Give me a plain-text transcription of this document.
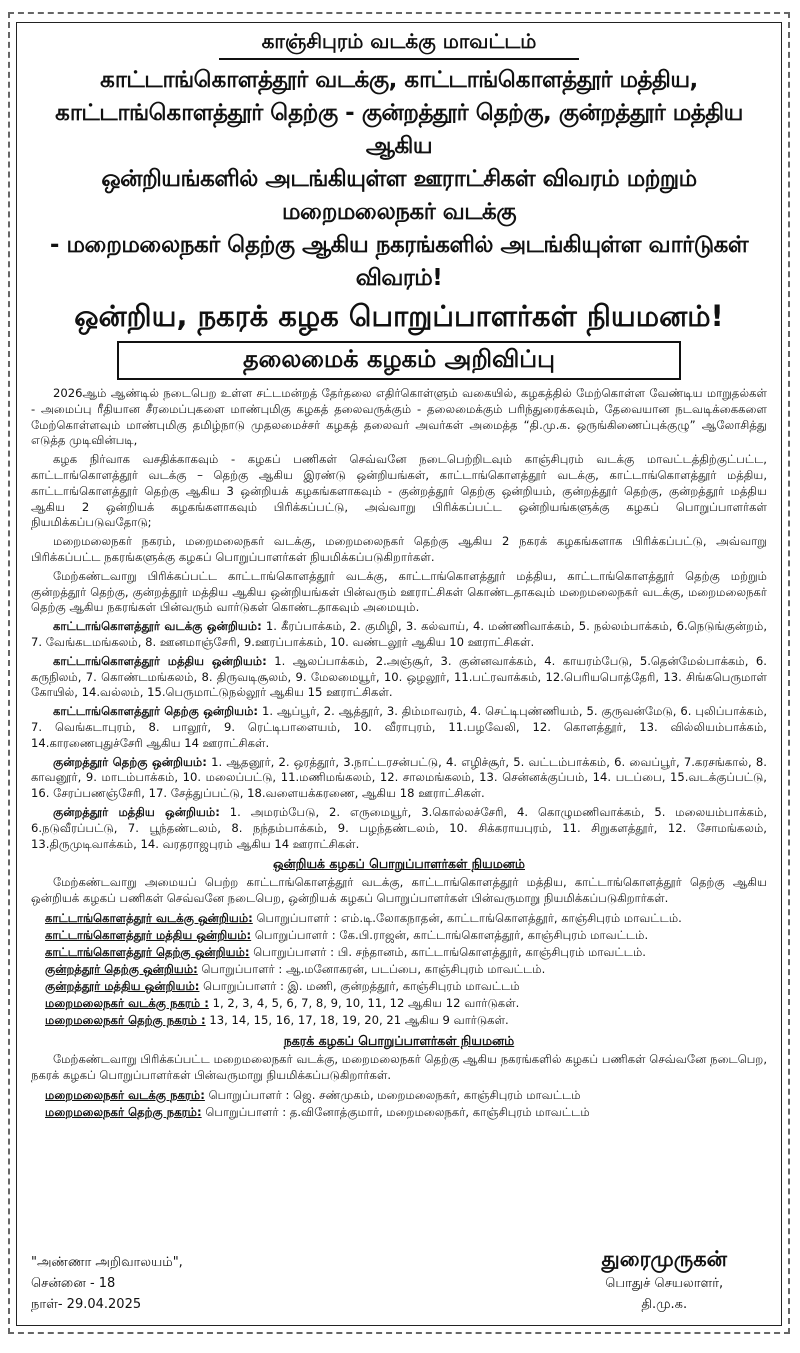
காஞ்சிபுரம் வடக்கு மாவட்டம்

காட்டாங்கொளத்தூர் வடக்கு, காட்டாங்கொளத்தூர் மத்திய,

காட்டாங்கொளத்தூர் தெற்கு - குன்றத்தூர் தெற்கு, குன்றத்தூர் மத்திய ஆகிய

ஒன்றியங்களில் அடங்கியுள்ள ஊராட்சிகள் விவரம் மற்றும் மறைமலைநகர் வடக்கு

- மறைமலைநகர் தெற்கு ஆகிய நகரங்களில் அடங்கியுள்ள வார்டுகள் விவரம்!

ஒன்றிய, நகரக் கழக பொறுப்பாளர்கள் நியமனம்!

தலைமைக் கழகம் அறிவிப்பு

2026ஆம் ஆண்டில் நடைபெற உள்ள சட்டமன்றத் தேர்தலை எதிர்கொள்ளும் வகையில், கழகத்தில் மேற்கொள்ள வேண்டிய மாறுதல்கள் - அமைப்பு ரீதியான சீரமைப்புகளை மாண்புமிகு கழகத் தலைவருக்கும் - தலைமைக்கும் பரிந்துரைக்கவும், தேவையான நடவடிக்கைகளை மேற்கொள்ளவும் மாண்புமிகு தமிழ்நாடு முதலமைச்சர் கழகத் தலைவர் அவர்கள் அமைத்த “தி.மு.க. ஒருங்கிணைப்புக்குழு” ஆலோசித்து எடுத்த முடிவின்படி,

கழக நிர்வாக வசதிக்காகவும் - கழகப் பணிகள் செவ்வனே நடைபெற்றிடவும் காஞ்சிபுரம் வடக்கு மாவட்டத்திற்குட்பட்ட, காட்டாங்கொளத்தூர் வடக்கு – தெற்கு ஆகிய இரண்டு ஒன்றியங்கள், காட்டாங்கொளத்தூர் வடக்கு, காட்டாங்கொளத்தூர் மத்திய, காட்டாங்கொளத்தூர் தெற்கு ஆகிய 3 ஒன்றியக் கழகங்களாகவும் - குன்றத்தூர் தெற்கு ஒன்றியம், குன்றத்தூர் தெற்கு, குன்றத்தூர் மத்திய ஆகிய 2 ஒன்றியக் கழகங்களாகவும் பிரிக்கப்பட்டு, அவ்வாறு பிரிக்கப்பட்ட ஒன்றியங்களுக்கு கழகப் பொறுப்பாளர்கள் நியமிக்கப்படுவதோடு;

மறைமலைநகர் நகரம், மறைமலைநகர் வடக்கு, மறைமலைநகர் தெற்கு ஆகிய 2 நகரக் கழகங்களாக பிரிக்கப்பட்டு, அவ்வாறு பிரிக்கப்பட்ட நகரங்களுக்கு கழகப் பொறுப்பாளர்கள் நியமிக்கப்படுகிறார்கள்.

மேற்கண்டவாறு பிரிக்கப்பட்ட காட்டாங்கொளத்தூர் வடக்கு, காட்டாங்கொளத்தூர் மத்திய, காட்டாங்கொளத்தூர் தெற்கு மற்றும் குன்றத்தூர் தெற்கு, குன்றத்தூர் மத்திய ஆகிய ஒன்றியங்கள் பின்வரும் ஊராட்சிகள் கொண்டதாகவும் மறைமலைநகர் வடக்கு, மறைமலைநகர் தெற்கு ஆகிய நகரங்கள் பின்வரும் வார்டுகள் கொண்டதாகவும் அமையும்.

காட்டாங்கொளத்தூர் வடக்கு ஒன்றியம்: 1. கீரப்பாக்கம், 2. குமிழி, 3. கல்வாய், 4. மண்ணிவாக்கம், 5. நல்லம்பாக்கம், 6.நெடுங்குன்றம், 7. வேங்கடமங்கலம், 8. ஊனமாஞ்சேரி, 9.ஊரப்பாக்கம், 10. வண்டலூர் ஆகிய 10 ஊராட்சிகள்.

காட்டாங்கொளத்தூர் மத்திய ஒன்றியம்: 1. ஆலப்பாக்கம், 2.அஞ்சூர், 3. குன்னவாக்கம், 4. காயரம்பேடு, 5.தென்மேல்பாக்கம், 6. கருநிலம், 7. கொண்டமங்கலம், 8. திருவடிசூலம், 9. மேலமையூர், 10. ஒழலூர், 11.பட்ரவாக்கம், 12.பெரியபொத்தேரி, 13. சிங்கபெருமாள் கோயில், 14.வல்லம், 15.பெருமாட்டுநல்லூர் ஆகிய 15 ஊராட்சிகள்.

காட்டாங்கொளத்தூர் தெற்கு ஒன்றியம்: 1. ஆப்பூர், 2. ஆத்தூர், 3. திம்மாவரம், 4. செட்டிபுண்ணியம், 5. குருவன்மேடு, 6. புலிப்பாக்கம், 7. வெங்கடாபுரம், 8. பாலூர், 9. ரெட்டிபாளையம், 10. வீராபுரம், 11.பழவேலி, 12. கொளத்தூர், 13. வில்லியம்பாக்கம், 14.காரணைபுதுச்சேரி ஆகிய 14 ஊராட்சிகள்.

குன்றத்தூர் தெற்கு ஒன்றியம்: 1. ஆதனூர், 2. ஒரத்தூர், 3.நாட்டரசன்பட்டு, 4. எழிச்சூர், 5. வட்டம்பாக்கம், 6. வைப்பூர், 7.கரசங்கால், 8. காவனூர், 9. மாடம்பாக்கம், 10. மலைப்பட்டு, 11.மணிமங்கலம், 12. சாலமங்கலம், 13. சென்னக்குப்பம், 14. படப்பை, 15.வடக்குப்பட்டு, 16. சேரப்பணஞ்சேரி, 17. சேத்துப்பட்டு, 18.வளையக்கரணை, ஆகிய 18 ஊராட்சிகள்.

குன்றத்தூர் மத்திய ஒன்றியம்: 1. அமரம்பேடு, 2. எருமையூர், 3.கொல்லச்சேரி, 4. கொழுமணிவாக்கம், 5. மலையம்பாக்கம், 6.நடுவீரப்பட்டு, 7. பூந்தண்டலம், 8. நந்தம்பாக்கம், 9. பழந்தண்டலம், 10. சிக்கராயபுரம், 11. சிறுகளத்தூர், 12. சோமங்கலம், 13.திருமுடிவாக்கம், 14. வரதராஜபுரம் ஆகிய 14 ஊராட்சிகள்.

ஒன்றியக் கழகப் பொறுப்பாளர்கள் நியமனம்

மேற்கண்டவாறு அமையப் பெற்ற காட்டாங்கொளத்தூர் வடக்கு, காட்டாங்கொளத்தூர் மத்திய, காட்டாங்கொளத்தூர் தெற்கு ஆகிய ஒன்றியக் கழகப் பணிகள் செவ்வனே நடைபெற, ஒன்றியக் கழகப் பொறுப்பாளர்கள் பின்வருமாறு நியமிக்கப்படுகிறார்கள்.

காட்டாங்கொளத்தூர் வடக்கு ஒன்றியம்: பொறுப்பாளர் : எம்.டி.லோகநாதன், காட்டாங்கொளத்தூர், காஞ்சிபுரம் மாவட்டம்.

காட்டாங்கொளத்தூர் மத்திய ஒன்றியம்: பொறுப்பாளர் : கே.பி.ராஜன், காட்டாங்கொளத்தூர், காஞ்சிபுரம் மாவட்டம்.

காட்டாங்கொளத்தூர் தெற்கு ஒன்றியம்: பொறுப்பாளர் : பி. சந்தானம், காட்டாங்கொளத்தூர், காஞ்சிபுரம் மாவட்டம்.

குன்றத்தூர் தெற்கு ஒன்றியம்: பொறுப்பாளர் : ஆ.மனோகரன், படப்பை, காஞ்சிபுரம் மாவட்டம்.

குன்றத்தூர் மத்திய ஒன்றியம்: பொறுப்பாளர் : இ. மணி, குன்றத்தூர், காஞ்சிபுரம் மாவட்டம்

மறைமலைநகர் வடக்கு நகரம் : 1, 2, 3, 4, 5, 6, 7, 8, 9, 10, 11, 12 ஆகிய 12 வார்டுகள்.

மறைமலைநகர் தெற்கு நகரம் : 13, 14, 15, 16, 17, 18, 19, 20, 21 ஆகிய 9 வார்டுகள்.

நகரக் கழகப் பொறுப்பாளர்கள் நியமனம்

மேற்கண்டவாறு பிரிக்கப்பட்ட மறைமலைநகர் வடக்கு, மறைமலைநகர் தெற்கு ஆகிய நகரங்களில் கழகப் பணிகள் செவ்வனே நடைபெற, நகரக் கழகப் பொறுப்பாளர்கள் பின்வருமாறு நியமிக்கப்படுகிறார்கள்.

மறைமலைநகர் வடக்கு நகரம்: பொறுப்பாளர் : ஜெ. சண்முகம், மறைமலைநகர், காஞ்சிபுரம் மாவட்டம்

மறைமலைநகர் தெற்கு நகரம்: பொறுப்பாளர் : த.வினோத்குமார், மறைமலைநகர், காஞ்சிபுரம் மாவட்டம்

"அண்ணா அறிவாலயம்",
சென்னை - 18
நாள்- 29.04.2025
துரைமுருகன்
பொதுச் செயலாளர்,
தி.மு.க.
